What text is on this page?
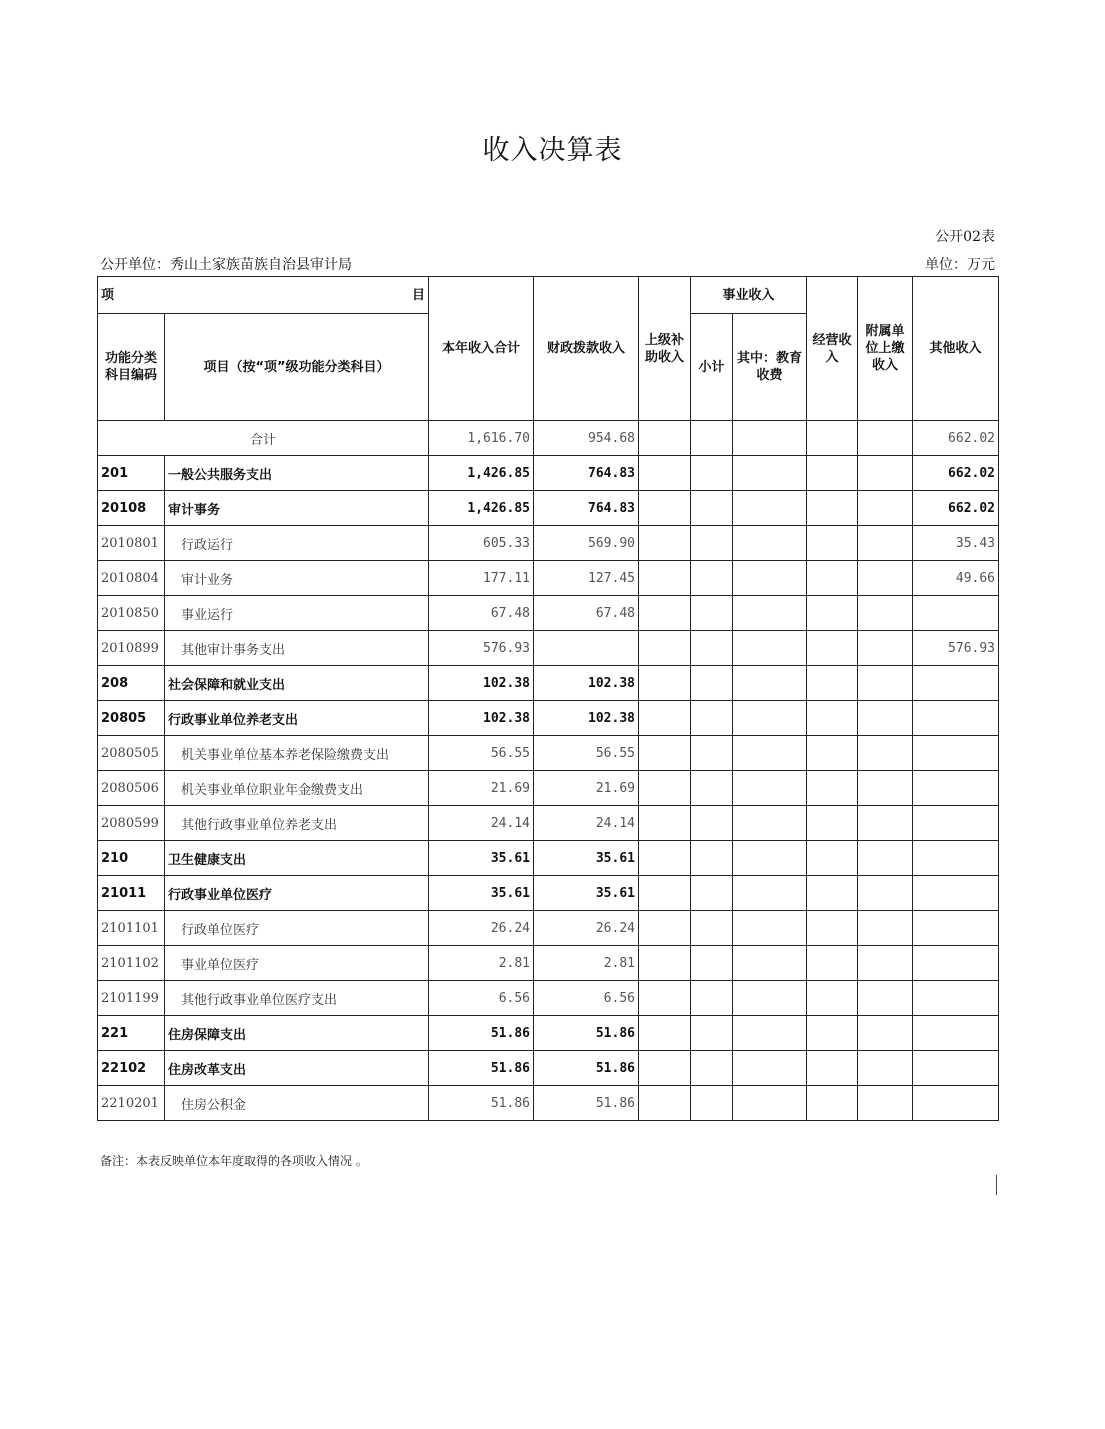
收入决算表
公开02表
公开单位：秀山土家族苗族自治县审计局	单位：万元
项 目		本年收入合计	财政拨款收入	上级补助收入	事业收入		经营收入	附属单位上缴收入	其他收入
功能分类科目编码	项目（按“项”级功能分类科目）				小计	其中：教育收费			
合计		1,616.70	954.68						662.02
201	一般公共服务支出	1,426.85	764.83						662.02
20108	审计事务	1,426.85	764.83						662.02
2010801	行政运行	605.33	569.90						35.43
2010804	审计业务	177.11	127.45						49.66
2010850	事业运行	67.48	67.48						
2010899	其他审计事务支出	576.93							576.93
208	社会保障和就业支出	102.38	102.38						
20805	行政事业单位养老支出	102.38	102.38						
2080505	机关事业单位基本养老保险缴费支出	56.55	56.55						
2080506	机关事业单位职业年金缴费支出	21.69	21.69						
2080599	其他行政事业单位养老支出	24.14	24.14						
210	卫生健康支出	35.61	35.61						
21011	行政事业单位医疗	35.61	35.61						
2101101	行政单位医疗	26.24	26.24						
2101102	事业单位医疗	2.81	2.81						
2101199	其他行政事业单位医疗支出	6.56	6.56						
221	住房保障支出	51.86	51.86						
22102	住房改革支出	51.86	51.86						
2210201	住房公积金	51.86	51.86						
备注：本表反映单位本年度取得的各项收入情况 。
